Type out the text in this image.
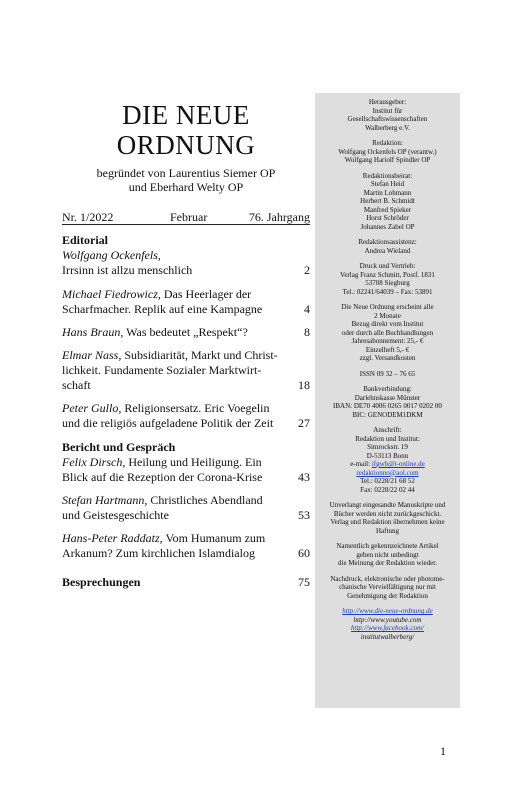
DIE NEUE
ORDNUNG
begründet von Laurentius Siemer OP
und Eberhard Welty OP
Nr. 1/2022	Februar	76. Jahrgang
Editorial
Wolfgang Ockenfels,
Irrsinn ist allzu menschlich	2
Michael Fiedrowicz, Das Heerlager der
Scharfmacher. Replik auf eine Kampagne	4
Hans Braun, Was bedeutet „Respekt“?	8
Elmar Nass, Subsidiarität, Markt und Christ-
lichkeit. Fundamente Sozialer Marktwirt-
schaft	18
Peter Gullo, Religionsersatz. Eric Voegelin
und die religiös aufgeladene Politik der Zeit	27
Bericht und Gespräch
Felix Dirsch, Heilung und Heiligung. Ein
Blick auf die Rezeption der Corona-Krise	43
Stefan Hartmann, Christliches Abendland
und Geistesgeschichte	53
Hans-Peter Raddatz, Vom Humanum zum
Arkanum? Zum kirchlichen Islamdialog	60
Besprechungen	75
Herausgeber:
Institut für
Gesellschaftswissenschaften
Walberberg e.V.
Redaktion:
Wolfgang Ockenfels OP (verantw.)
Wolfgang Hariolf Spindler OP
Redaktionsbeirat:
Stefan Heid
Martin Lohmann
Herbert B. Schmidt
Manfred Spieker
Horst Schröder
Johannes Zabel OP
Redaktionsassistenz:
Andrea Wieland
Druck und Vertrieb:
Verlag Franz Schmitt, Postf. 1831
53708 Siegburg
Tel.: 02241/64039 – Fax: 53891
Die Neue Ordnung erscheint alle
2 Monate
Bezug direkt vom Institut
oder durch alle Buchhandlungen
Jahresabonnement: 25,- €
Einzelheft 5,- €
zzgl. Versandkosten
ISSN 09 32 – 76 65
Bankverbindung:
Darlehnskasse Münster
IBAN: DE70 4006 0265 0017 0202 00
BIC: GENODEM1DKM
Anschrift:
Redaktion und Institut:
Simrockstr. 19
D-53113 Bonn
e-mail: ifgwb@t-online.de
redaktionno@aol.com
Tel.: 0228/21 68 52
Fax: 0228/22 02 44
Unverlangt eingesandte Manuskripte und
Bücher werden nicht zurückgeschickt.
Verlag und Redaktion übernehmen keine
Haftung
Namentlich gekennzeichnete Artikel
geben nicht unbedingt
die Meinung der Redaktion wieder.
Nachdruck, elektronische oder photome-
chanische Vervielfältigung nur mit
Genehmigung der Redaktion
http://www.die-neue-ordnung.de
http://www.youtube.com
http://www.facebook.com/
institutwalberberg/
1
